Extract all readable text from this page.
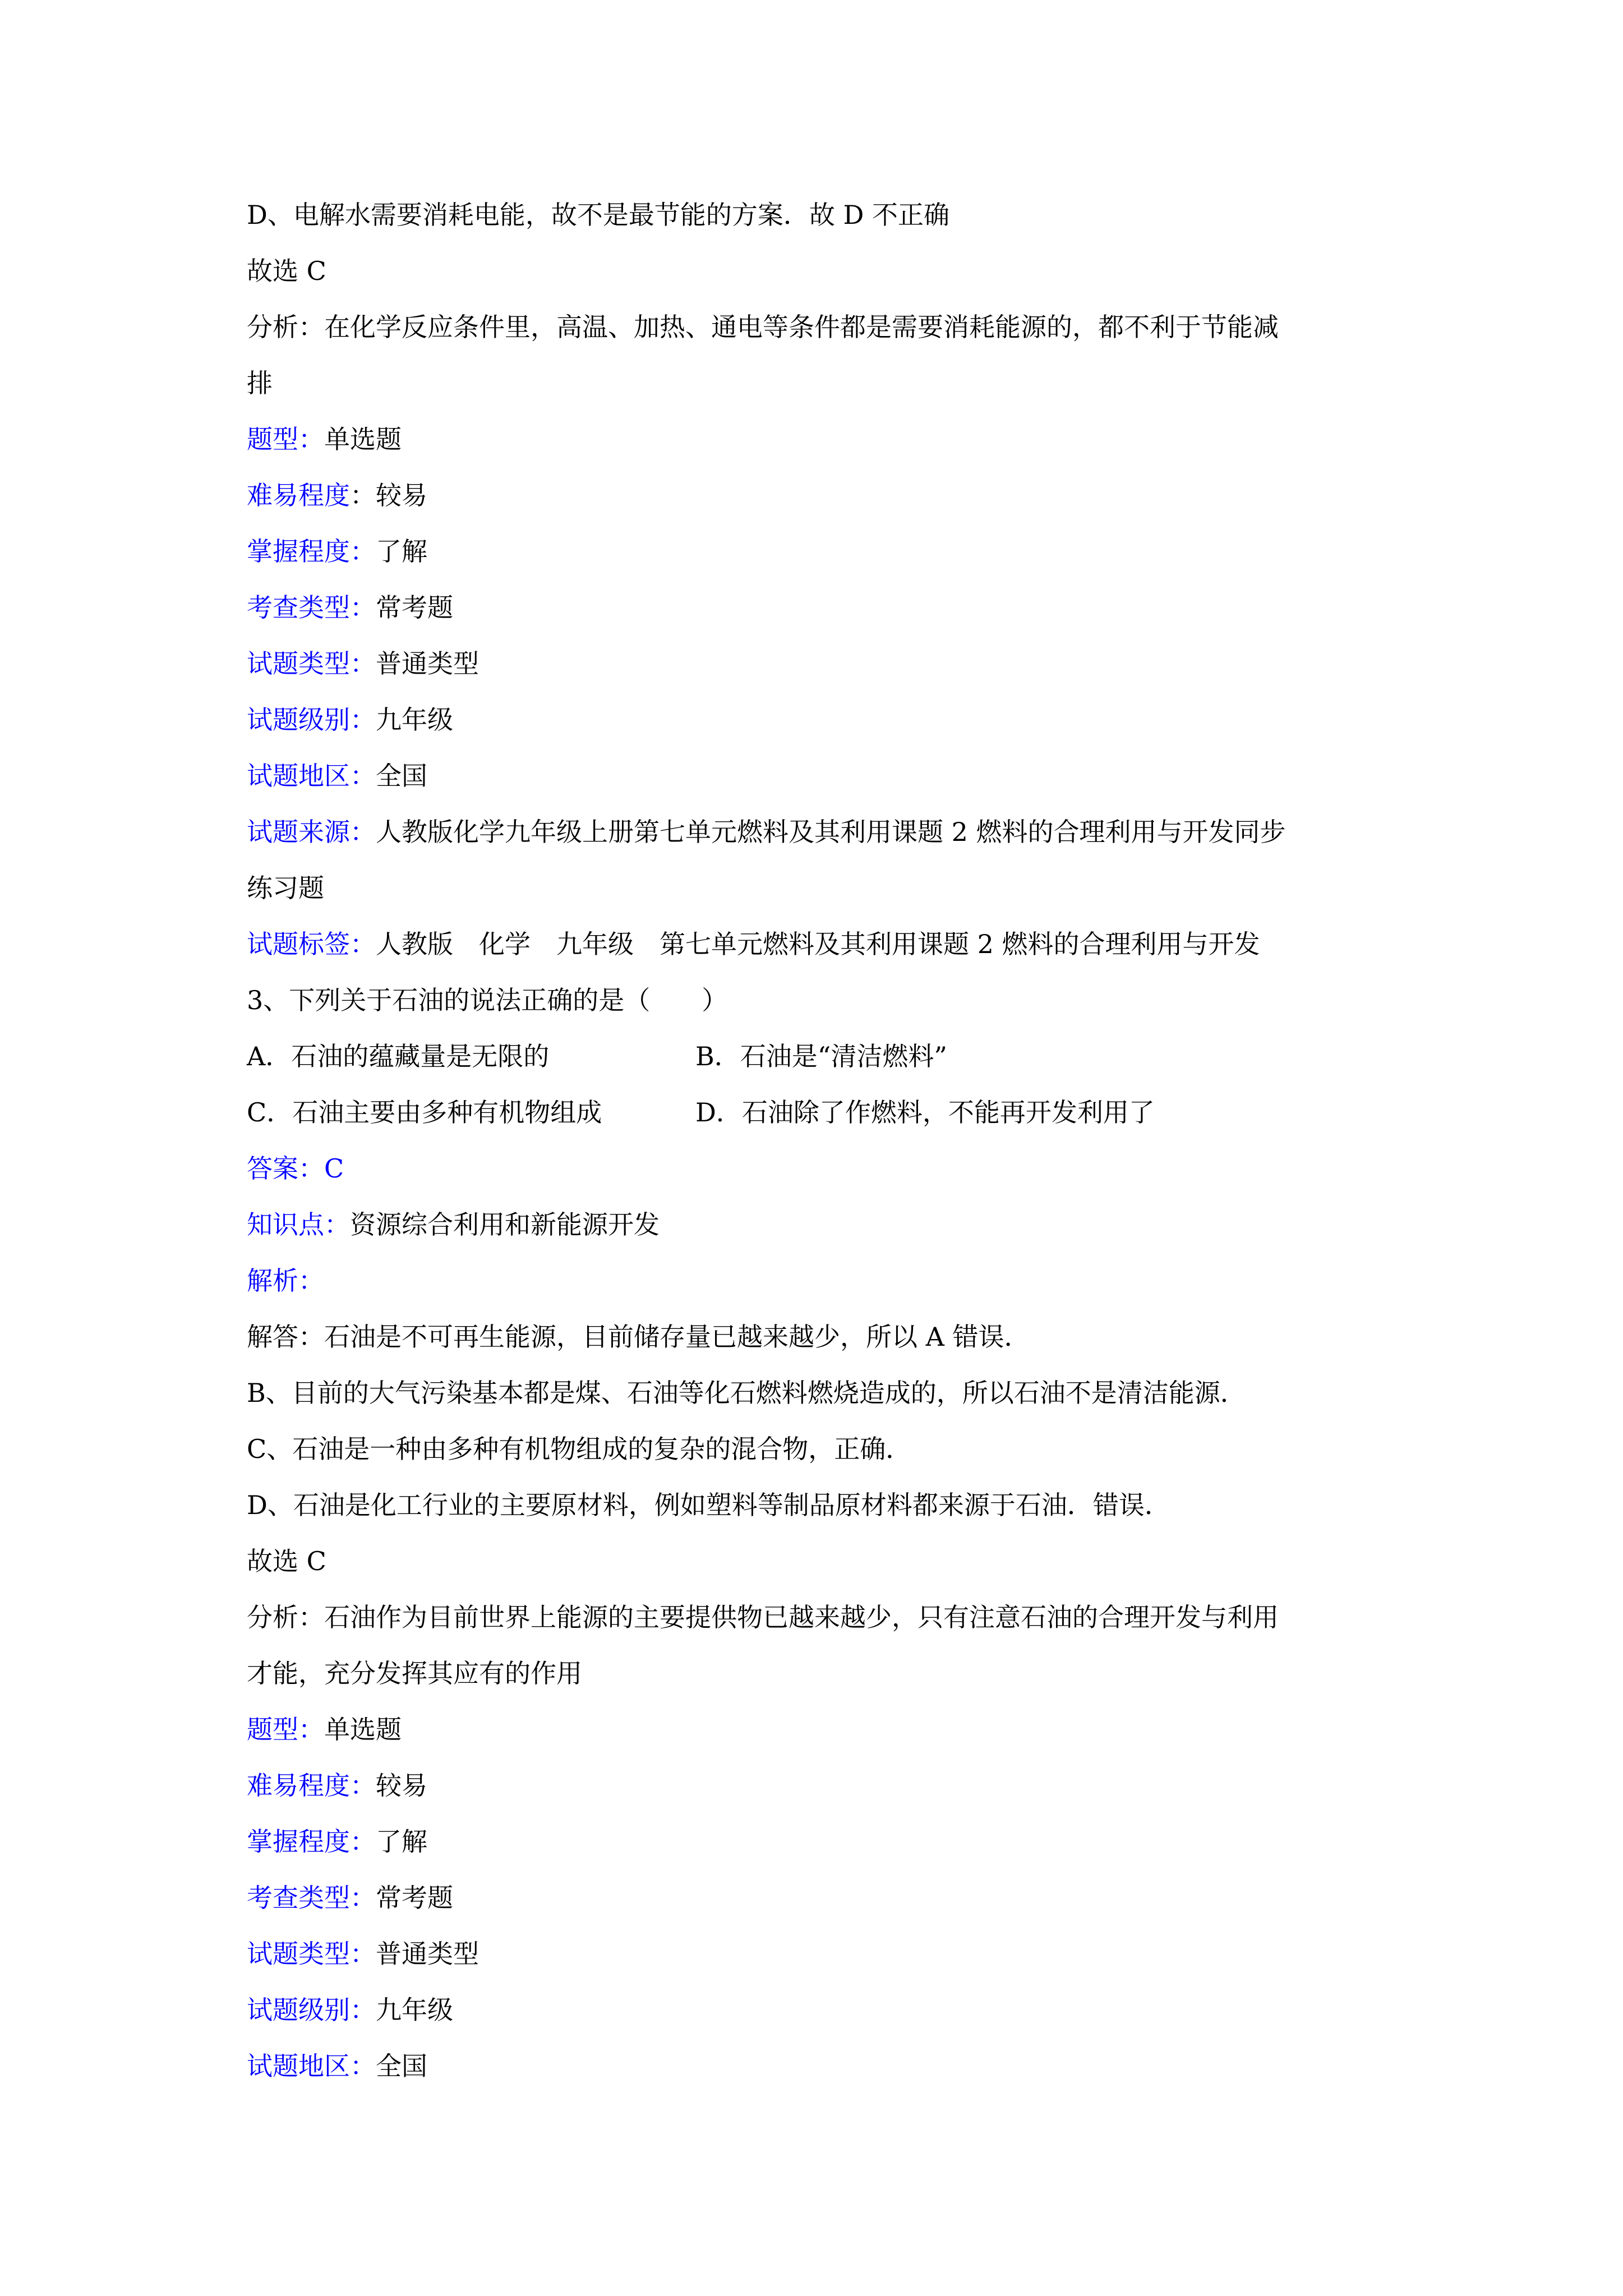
D、电解水需要消耗电能，故不是最节能的方案．故 D 不正确
故选 C
分析：在化学反应条件里，高温、加热、通电等条件都是需要消耗能源的，都不利于节能减
排
题型：单选题
难易程度：较易
掌握程度：了解
考查类型：常考题
试题类型：普通类型
试题级别：九年级
试题地区：全国
试题来源：人教版化学九年级上册第七单元燃料及其利用课题 2 燃料的合理利用与开发同步
练习题
试题标签：人教版　化学　九年级　第七单元燃料及其利用课题 2 燃料的合理利用与开发
3、下列关于石油的说法正确的是（　　）
A．石油的蕴藏量是无限的	B．石油是“清洁燃料”
C．石油主要由多种有机物组成	D．石油除了作燃料，不能再开发利用了
答案：C
知识点：资源综合利用和新能源开发
解析：
解答：石油是不可再生能源，目前储存量已越来越少，所以 A 错误．
B、目前的大气污染基本都是煤、石油等化石燃料燃烧造成的，所以石油不是清洁能源．
C、石油是一种由多种有机物组成的复杂的混合物，正确．
D、石油是化工行业的主要原材料，例如塑料等制品原材料都来源于石油．错误．
故选 C
分析：石油作为目前世界上能源的主要提供物已越来越少，只有注意石油的合理开发与利用
才能，充分发挥其应有的作用
题型：单选题
难易程度：较易
掌握程度：了解
考查类型：常考题
试题类型：普通类型
试题级别：九年级
试题地区：全国
